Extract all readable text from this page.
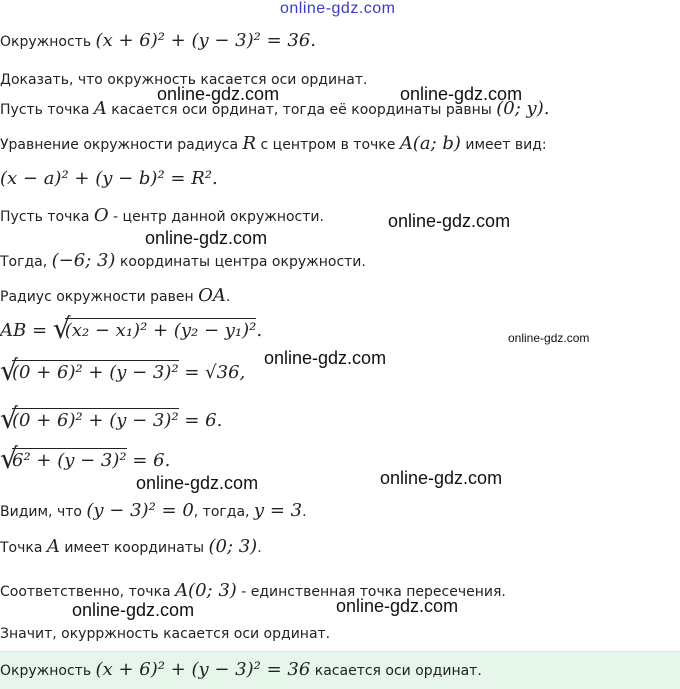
online-gdz.com
Окружность (x + 6)² + (y − 3)² = 36.
Доказать, что окружность касается оси ординат.
Пусть точка A касается оси ординат, тогда её координаты равны (0; y).
Уравнение окружности радиуса R с центром в точке A(a; b) имеет вид:
(x − a)² + (y − b)² = R².
Пусть точка O - центр данной окружности.
Тогда, (−6; 3) координаты центра окружности.
Радиус окружности равен OA.
AB = √
(x₂ − x₁)² + (y₂ − y₁)².
√
(0 + 6)² + (y − 3)² = √36,
√
(0 + 6)² + (y − 3)² = 6.
√
6² + (y − 3)² = 6.
Видим, что (y − 3)² = 0, тогда, y = 3.
Точка A имеет координаты (0; 3).
Соответственно, точка A(0; 3) - единственная точка пересечения.
Значит, окурржность касается оси ординат.
Окружность (x + 6)² + (y − 3)² = 36 касается оси ординат.
online-gdz.com	online-gdz.com
online-gdz.com
online-gdz.com
online-gdz.com
online-gdz.com
online-gdz.com
online-gdz.com
online-gdz.com	online-gdz.com
